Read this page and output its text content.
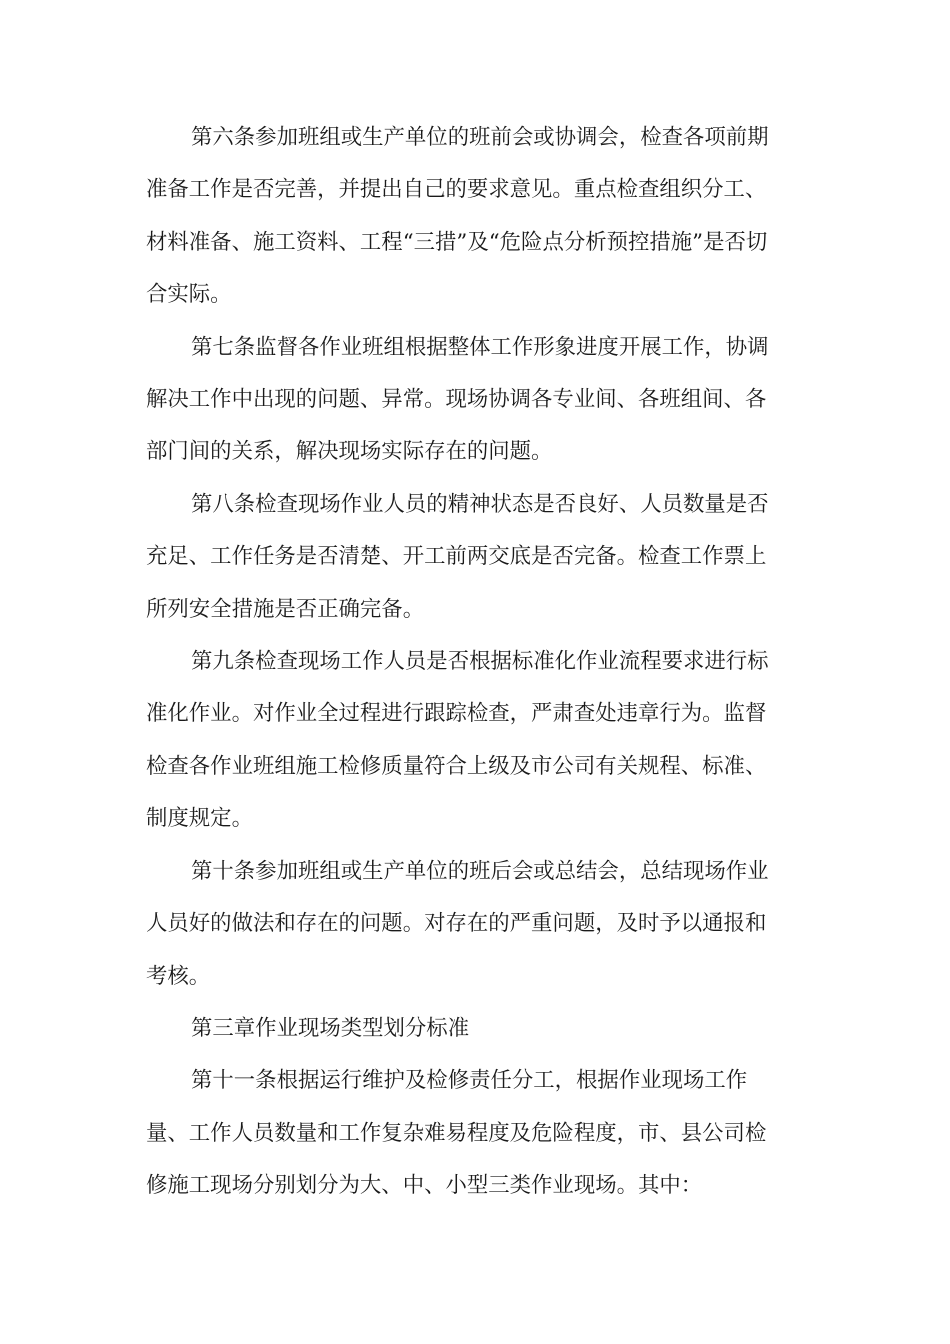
第六条参加班组或生产单位的班前会或协调会，检查各项前期
准备工作是否完善，并提出自己的要求意见。重点检查组织分工、
材料准备、施工资料、工程“三措”及“危险点分析预控措施”是否切
合实际。
第七条监督各作业班组根据整体工作形象进度开展工作，协调
解决工作中出现的问题、异常。现场协调各专业间、各班组间、各
部门间的关系，解决现场实际存在的问题。
第八条检查现场作业人员的精神状态是否良好、人员数量是否
充足、工作任务是否清楚、开工前两交底是否完备。检查工作票上
所列安全措施是否正确完备。
第九条检查现场工作人员是否根据标准化作业流程要求进行标
准化作业。对作业全过程进行跟踪检查，严肃查处违章行为。监督
检查各作业班组施工检修质量符合上级及市公司有关规程、标准、
制度规定。
第十条参加班组或生产单位的班后会或总结会，总结现场作业
人员好的做法和存在的问题。对存在的严重问题，及时予以通报和
考核。
第三章作业现场类型划分标准
第十一条根据运行维护及检修责任分工，根据作业现场工作
量、工作人员数量和工作复杂难易程度及危险程度，市、县公司检
修施工现场分别划分为大、中、小型三类作业现场。其中：
